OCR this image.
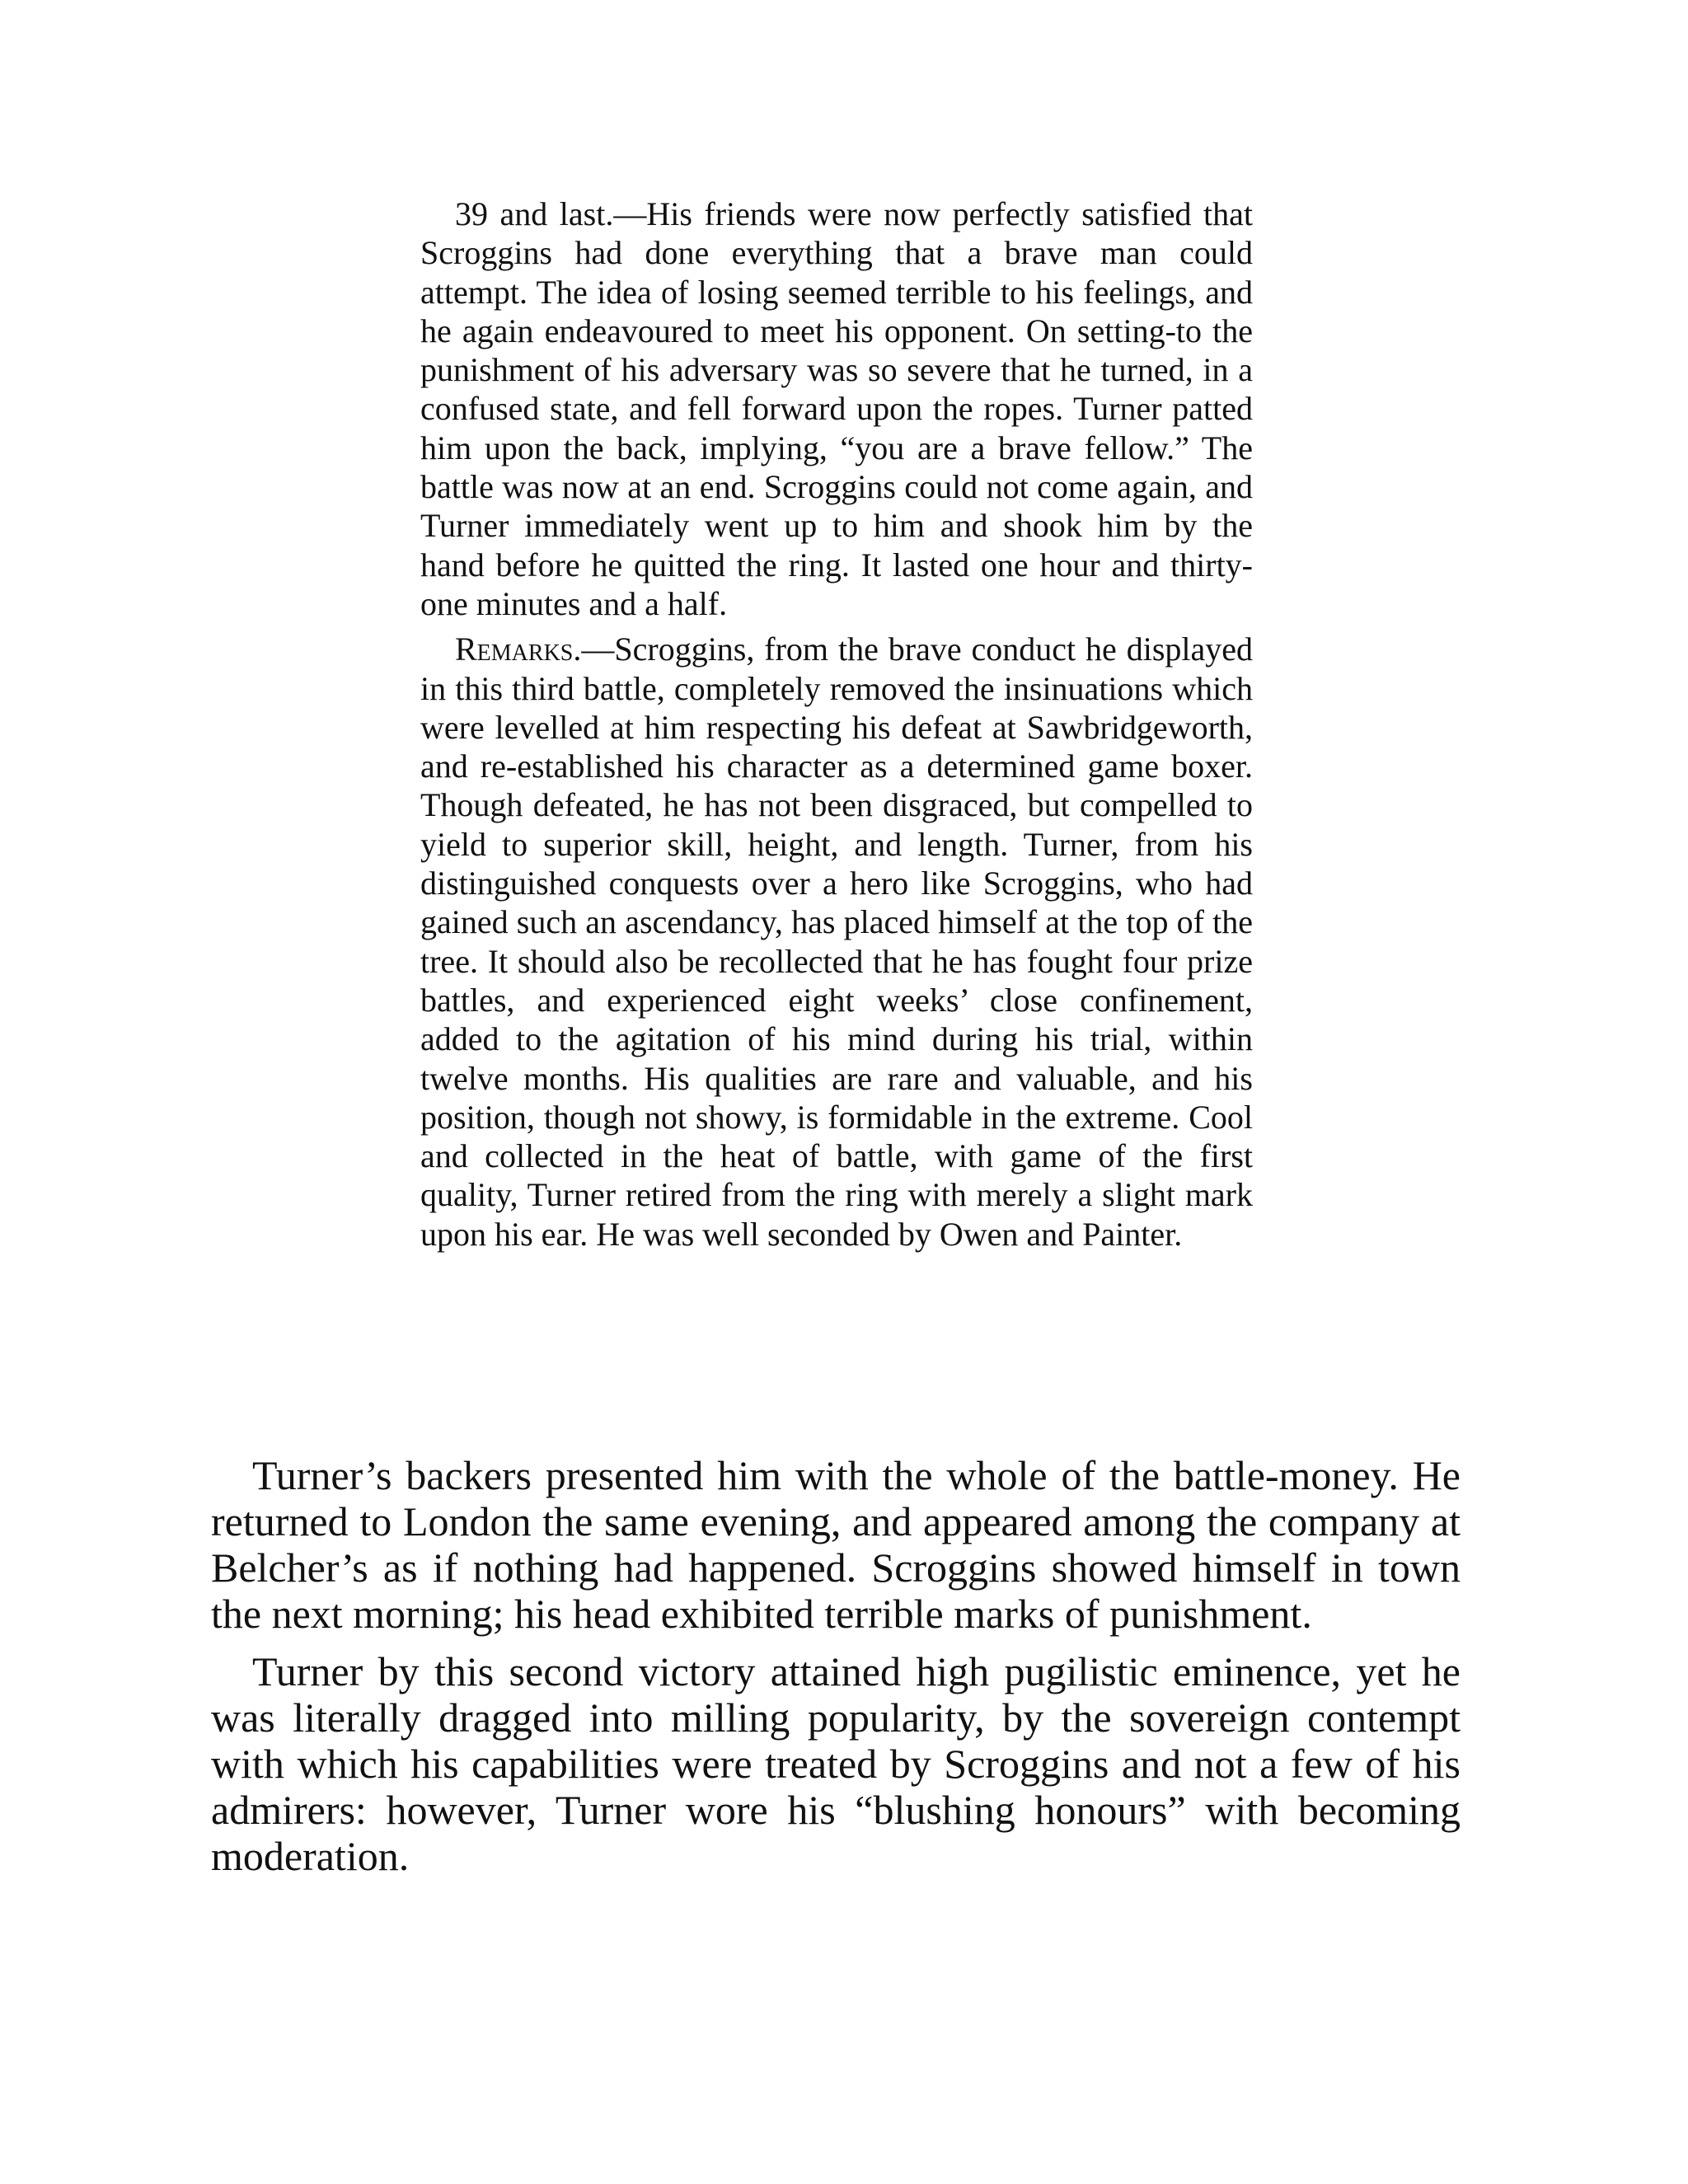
39 and last.—His friends were now perfectly satisfied that Scroggins had done everything that a brave man could attempt. The idea of losing seemed terrible to his feelings, and he again endeavoured to meet his opponent. On setting-to the punishment of his adversary was so severe that he turned, in a confused state, and fell forward upon the ropes. Turner patted him upon the back, implying, “you are a brave fellow.” The battle was now at an end. Scroggins could not come again, and Turner immediately went up to him and shook him by the hand before he quitted the ring. It lasted one hour and thirty-one minutes and a half.

Remarks.—Scroggins, from the brave conduct he displayed in this third battle, completely removed the insinuations which were levelled at him respecting his defeat at Sawbridgeworth, and re-established his character as a determined game boxer. Though defeated, he has not been disgraced, but compelled to yield to superior skill, height, and length. Turner, from his distinguished conquests over a hero like Scroggins, who had gained such an ascendancy, has placed himself at the top of the tree. It should also be recollected that he has fought four prize battles, and experienced eight weeks’ close confinement, added to the agitation of his mind during his trial, within twelve months. His qualities are rare and valuable, and his position, though not showy, is formidable in the extreme. Cool and collected in the heat of battle, with game of the first quality, Turner retired from the ring with merely a slight mark upon his ear. He was well seconded by Owen and Painter.

Turner’s backers presented him with the whole of the battle-money. He returned to London the same evening, and appeared among the company at Belcher’s as if nothing had happened. Scroggins showed himself in town the next morning; his head exhibited terrible marks of punishment.

Turner by this second victory attained high pugilistic eminence, yet he was literally dragged into milling popularity, by the sovereign contempt with which his capabilities were treated by Scroggins and not a few of his admirers: however, Turner wore his “blushing honours” with becoming moderation.
